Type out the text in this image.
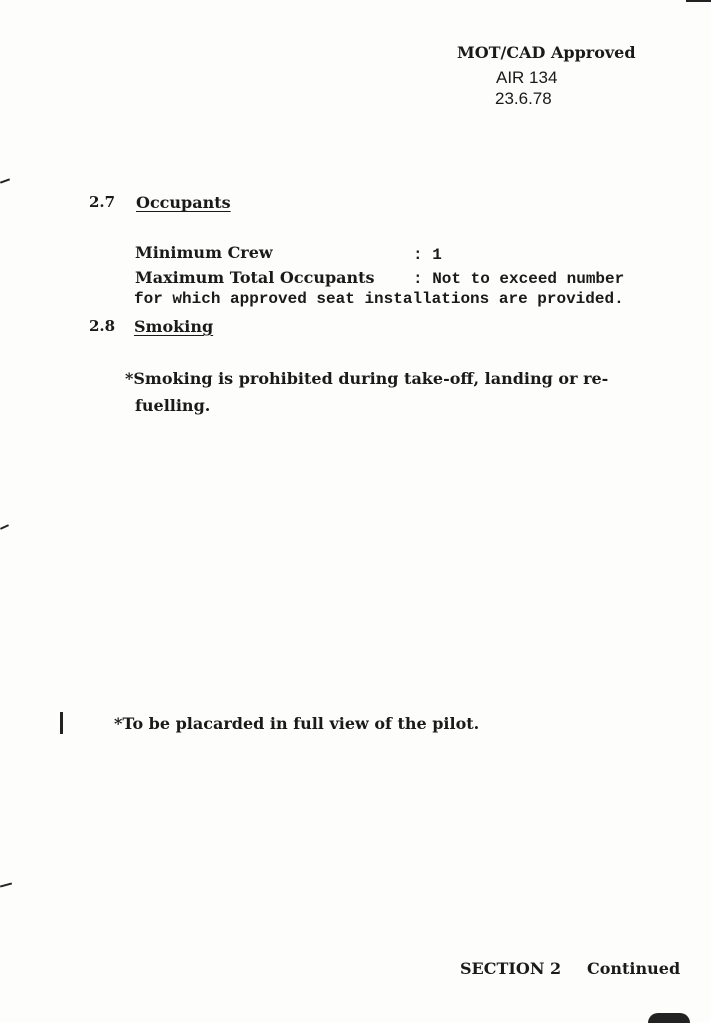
MOT/CAD Approved
AIR 134
23.6.78
2.7 Occupants
Minimum Crew	: 1
Maximum Total Occupants : Not to exceed number
for which approved seat installations are provided.
2.8 Smoking
*Smoking is prohibited during take-off, landing or re-
fuelling.
*To be placarded in full view of the pilot.
SECTION 2 Continued
